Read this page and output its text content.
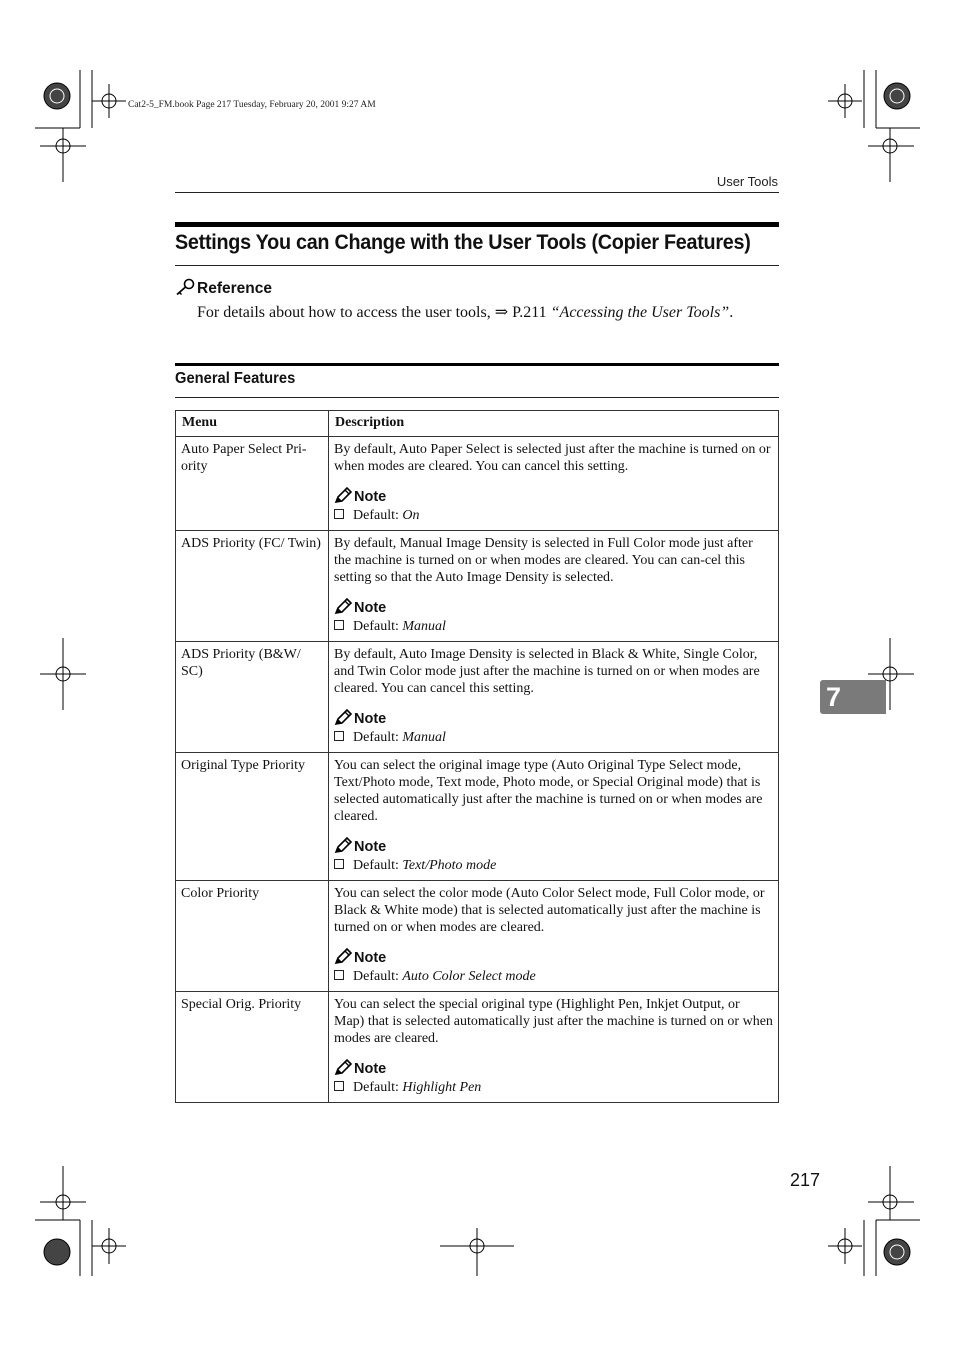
Cat2-5_FM.book Page 217 Tuesday, February 20, 2001 9:27 AM
User Tools
Settings You can Change with the User Tools (Copier Features)
Reference
For details about how to access the user tools, ⇒ P.211 “Accessing the User Tools”.
General Features
Menu	Description
Auto Paper Select Pri-ority	By default, Auto Paper Select is selected just after the machine is turned on or when modes are cleared. You can cancel this setting.

Note
Default: On

ADS Priority (FC/ Twin)	By default, Manual Image Density is selected in Full Color mode just after the machine is turned on or when modes are cleared. You can can-cel this setting so that the Auto Image Density is selected.

Note
Default: Manual

ADS Priority (B&W/ SC)	By default, Auto Image Density is selected in Black & White, Single Color, and Twin Color mode just after the machine is turned on or when modes are cleared. You can cancel this setting.

Note
Default: Manual

Original Type Priority	You can select the original image type (Auto Original Type Select mode, Text/Photo mode, Text mode, Photo mode, or Special Original mode) that is selected automatically just after the machine is turned on or when modes are cleared.

Note
Default: Text/Photo mode

Color Priority	You can select the color mode (Auto Color Select mode, Full Color mode, or Black & White mode) that is selected automatically just after the machine is turned on or when modes are cleared.

Note
Default: Auto Color Select mode

Special Orig. Priority	You can select the special original type (Highlight Pen, Inkjet Output, or Map) that is selected automatically just after the machine is turned on or when modes are cleared.

Note
Default: Highlight Pen
7
217
